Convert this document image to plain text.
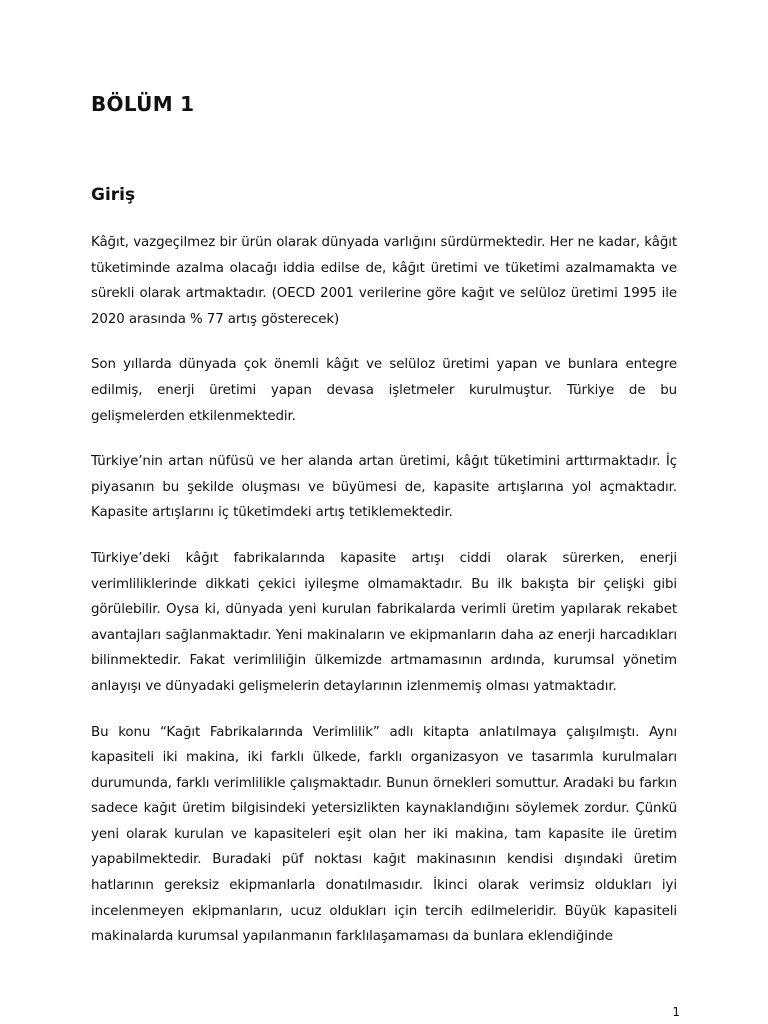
BÖLÜM 1
Giriş

Kâğıt, vazgeçilmez bir ürün olarak dünyada varlığını sürdürmektedir. Her ne kadar, kâğıt tüketiminde azalma olacağı iddia edilse de, kâğıt üretimi ve tüketimi azalmamakta ve sürekli olarak artmaktadır. (OECD 2001 verilerine göre kağıt ve selüloz üretimi 1995 ile 2020 arasında % 77 artış gösterecek)

Son yıllarda dünyada çok önemli kâğıt ve selüloz üretimi yapan ve bunlara entegre edilmiş, enerji üretimi yapan devasa işletmeler kurulmuştur. Türkiye de bu gelişmelerden etkilenmektedir.

Türkiye’nin artan nüfüsü ve her alanda artan üretimi, kâğıt tüketimini arttırmaktadır. İç piyasanın bu şekilde oluşması ve büyümesi de, kapasite artışlarına yol açmaktadır. Kapasite artışlarını iç tüketimdeki artış tetiklemektedir.

Türkiye’deki kâğıt fabrikalarında kapasite artışı ciddi olarak sürerken, enerji verimliliklerinde dikkati çekici iyileşme olmamaktadır. Bu ilk bakışta bir çelişki gibi görülebilir. Oysa ki, dünyada yeni kurulan fabrikalarda verimli üretim yapılarak rekabet avantajları sağlanmaktadır. Yeni makinaların ve ekipmanların daha az enerji harcadıkları bilinmektedir. Fakat verimliliğin ülkemizde artmamasının ardında, kurumsal yönetim anlayışı ve dünyadaki gelişmelerin detaylarının izlenmemiş olması yatmaktadır.

Bu konu “Kağıt Fabrikalarında Verimlilik” adlı kitapta anlatılmaya çalışılmıştı. Aynı kapasiteli iki makina, iki farklı ülkede, farklı organizasyon ve tasarımla kurulmaları durumunda, farklı verimlilikle çalışmaktadır. Bunun örnekleri somuttur. Aradaki bu farkın sadece kağıt üretim bilgisindeki yetersizlikten kaynaklandığını söylemek zordur. Çünkü yeni olarak kurulan ve kapasiteleri eşit olan her iki makina, tam kapasite ile üretim yapabilmektedir. Buradaki püf noktası kağıt makinasının kendisi dışındaki üretim hatlarının gereksiz ekipmanlarla donatılmasıdır. İkinci olarak verimsiz oldukları iyi incelenmeyen ekipmanların, ucuz oldukları için tercih edilmeleridir. Büyük kapasiteli makinalarda kurumsal yapılanmanın farklılaşamaması da bunlara eklendiğinde

1
